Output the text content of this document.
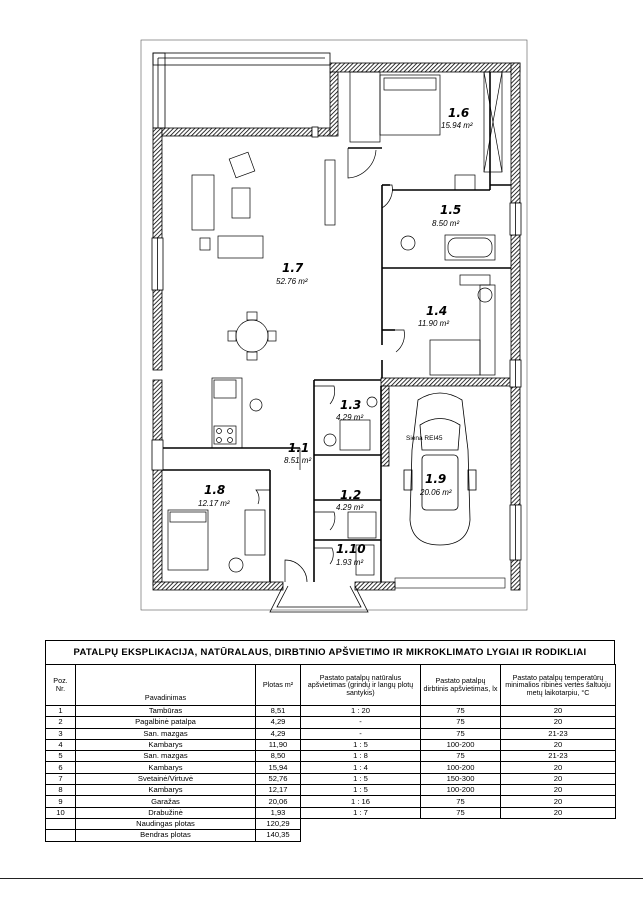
1.6
15.94 m²
1.5
8.50 m²
1.4
11.90 m²
1.7
52.76 m²
1.3
4.29 m²
1.1
8.51 m²
1.8
12.17 m²
1.2
4.29 m²
1.10
1.93 m²
1.9
20.06 m²
Siena REI45
PATALPŲ EKSPLIKACIJA, NATŪRALAUS, DIRBTINIO APŠVIETIMO IR MIKROKLIMATO LYGIAI IR RODIKLIAI
Poz. Nr.	Pavadinimas	Plotas m²	Pastato patalpų natūralus apšvietimas (grindų ir langų plotų santykis)	Pastato patalpų dirbtinis apšvietimas, lx	Pastato patalpų temperatūrų minimalios ribinės vertės šaltuoju metų laikotarpiu, °C
1	Tambūras	8,51	1 : 20	75	20
2	Pagalbinė patalpa	4,29	-	75	20
3	San. mazgas	4,29	-	75	21-23
4	Kambarys	11,90	1 : 5	100-200	20
5	San. mazgas	8,50	1 : 8	75	21-23
6	Kambarys	15,94	1 : 4	100-200	20
7	Svetainė/Virtuvė	52,76	1 : 5	150-300	20
8	Kambarys	12,17	1 : 5	100-200	20
9	Garažas	20,06	1 : 16	75	20
10	Drabužinė	1,93	1 : 7	75	20
	Naudingas plotas	120,29			
	Bendras plotas	140,35			
